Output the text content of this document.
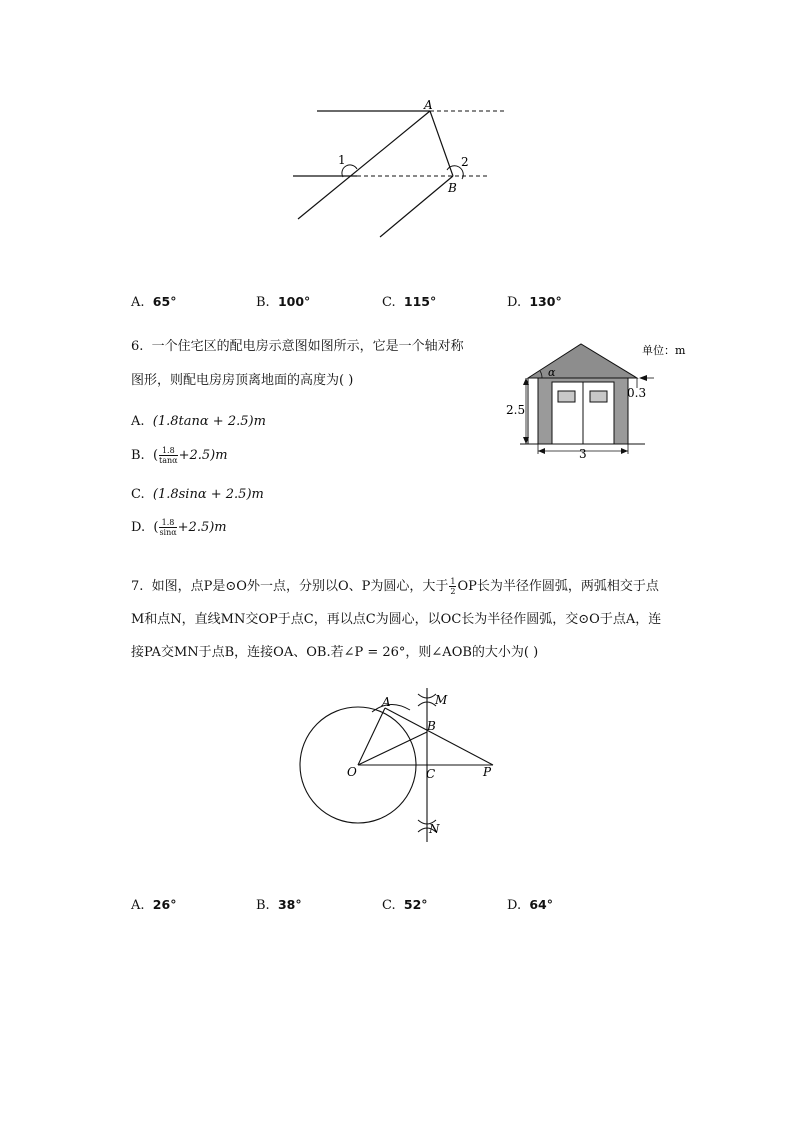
A
B
1	2
A. 65°	B. 100°	C. 115°	D. 130°
6. 一个住宅区的配电房示意图如图所示，它是一个轴对称
图形，则配电房房顶离地面的高度为( )
α
单位：m
2.5
3
0.3
A. (1.8tanα + 2.5)m
B.  ( $\frac{1.8}{\tan\alpha} +2.5)m$
C. (1.8sinα + 2.5)m
D.  ( $\frac{1.8}{\sin\alpha} +2.5)m$
7. 如图，点P是⊙O外一点，分别以O、P为圆心，大于 $\frac{1}{2}$ OP长为半径作圆弧，两弧相交于点
M和点N，直线MN交OP于点C，再以点C为圆心，以OC长为半径作圆弧，交⊙O于点A，连
接PA交MN于点B，连接OA、OB.若∠P = 26°，则∠AOB的大小为( )
A	M
B
O	C	P
N
A. 26°	B. 38°	C. 52°	D. 64°
